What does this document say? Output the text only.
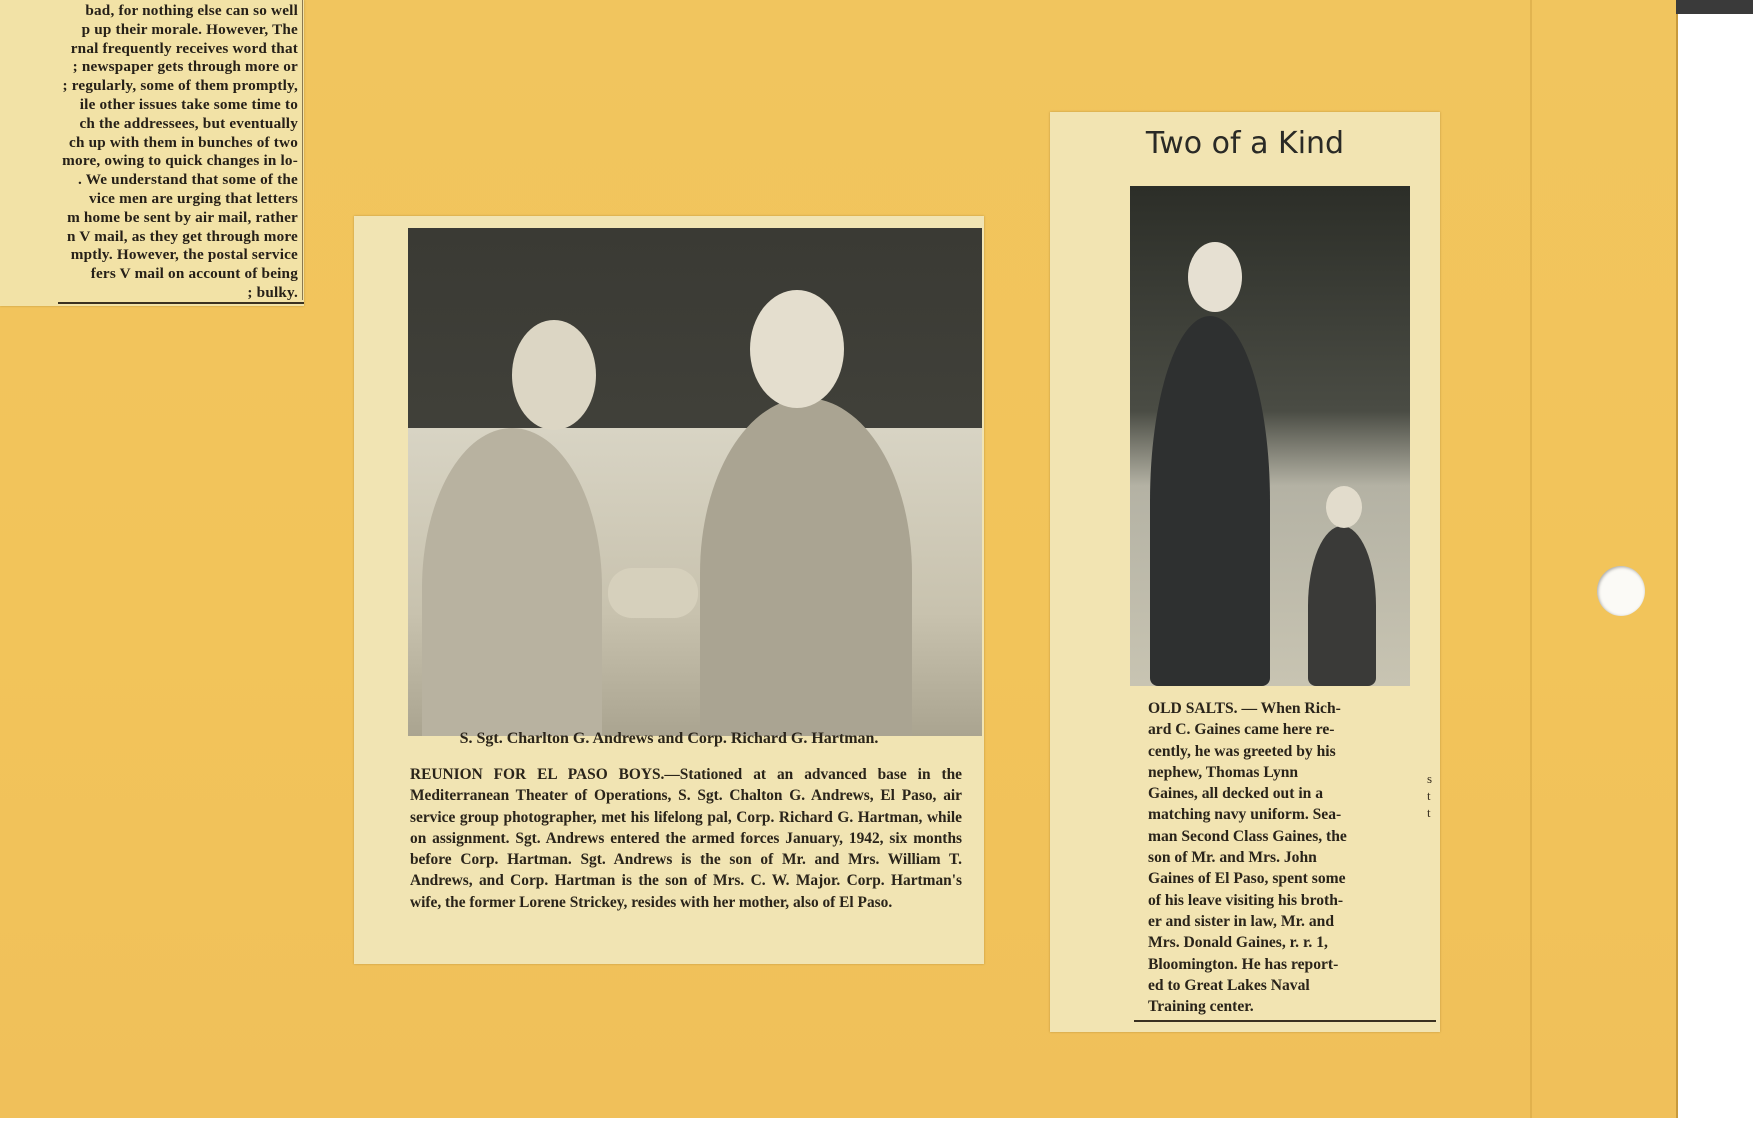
bad, for nothing else can so well
p up their morale. However, The
rnal frequently receives word that
; newspaper gets through more or
; regularly, some of them promptly,
ile other issues take some time to
ch the addressees, but eventually
ch up with them in bunches of two
more, owing to quick changes in lo-
. We understand that some of the
vice men are urging that letters
m home be sent by air mail, rather
n V mail, as they get through more
mptly. However, the postal service
fers V mail on account of being
; bulky.
S. Sgt. Charlton G. Andrews and Corp. Richard G. Hartman.
REUNION FOR EL PASO BOYS.—Stationed at an advanced base in the Mediterranean Theater of Operations, S. Sgt. Chalton G. Andrews, El Paso, air service group photographer, met his lifelong pal, Corp. Richard G. Hartman, while on assignment. Sgt. Andrews entered the armed forces January, 1942, six months before Corp. Hartman. Sgt. Andrews is the son of Mr. and Mrs. William T. Andrews, and Corp. Hartman is the son of Mrs. C. W. Major. Corp. Hartman's wife, the former Lorene Strickey, resides with her mother, also of El Paso.
Two of a Kind
OLD SALTS. — When Rich-
ard C. Gaines came here re-
cently, he was greeted by his
nephew, Thomas Lynn
Gaines, all decked out in a
matching navy uniform. Sea-
man Second Class Gaines, the
son of Mr. and Mrs. John
Gaines of El Paso, spent some
of his leave visiting his broth-
er and sister in law, Mr. and
Mrs. Donald Gaines, r. r. 1,
Bloomington. He has report-
ed to Great Lakes Naval
Training center.
s
t
t
